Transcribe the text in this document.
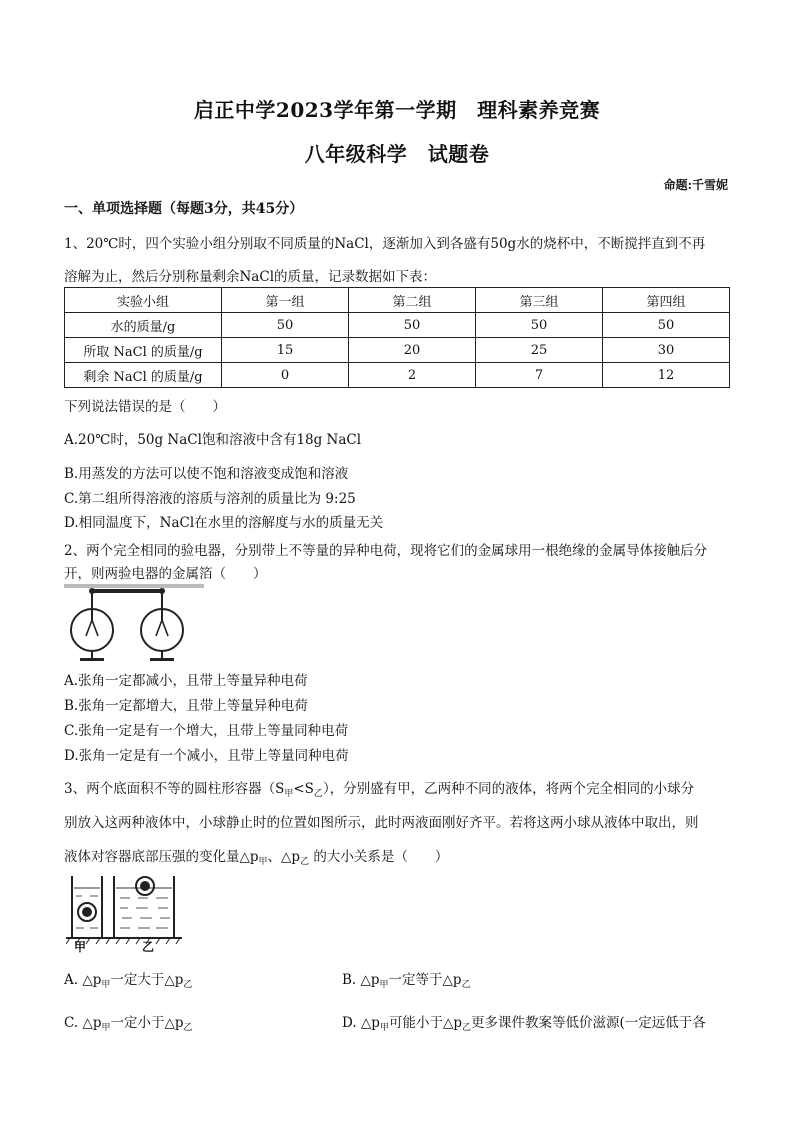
启正中学2023学年第一学期　理科素养竞赛
八年级科学　试题卷
命题:千雪妮
一、单项选择题（每题3分，共45分）
1、20℃时，四个实验小组分别取不同质量的NaCl，逐渐加入到各盛有50g水的烧杯中，不断搅拌直到不再
溶解为止，然后分别称量剩余NaCl的质量，记录数据如下表：
实验小组	第一组	第二组	第三组	第四组
水的质量/g	50	50	50	50
所取 NaCl 的质量/g	15	20	25	30
剩余 NaCl 的质量/g	0	2	7	12
下列说法错误的是（　　）
A.20℃时，50g NaCl饱和溶液中含有18g NaCl
B.用蒸发的方法可以使不饱和溶液变成饱和溶液
C.第二组所得溶液的溶质与溶剂的质量比为 9:25
D.相同温度下，NaCl在水里的溶解度与水的质量无关
2、两个完全相同的验电器，分别带上不等量的异种电荷，现将它们的金属球用一根绝缘的金属导体接触后分
开，则两验电器的金属箔（　　）
A.张角一定都减小，且带上等量异种电荷
B.张角一定都增大，且带上等量异种电荷
C.张角一定是有一个增大，且带上等量同种电荷
D.张角一定是有一个减小，且带上等量同种电荷
3、两个底面积不等的圆柱形容器$(S_甲<S_乙)$，分别盛有甲，乙两种不同的液体，将两个完全相同的小球分
别放入这两种液体中，小球静止时的位置如图所示，此时两液面刚好齐平。若将这两小球从液体中取出，则
液体对容器底部压强的变化量$\triangle p_甲$、$\triangle p_乙$ 的大小关系是（　　）
甲	乙
A. $\triangle p_甲$一定大于$\triangle p_乙$	B. $\triangle p_甲$一定等于$\triangle p_乙$
C. $\triangle p_甲$一定小于$\triangle p_乙$	D. $\triangle p_甲$可能小于$\triangle p_乙$更多课件教案等低价滋源(一定远低于各
